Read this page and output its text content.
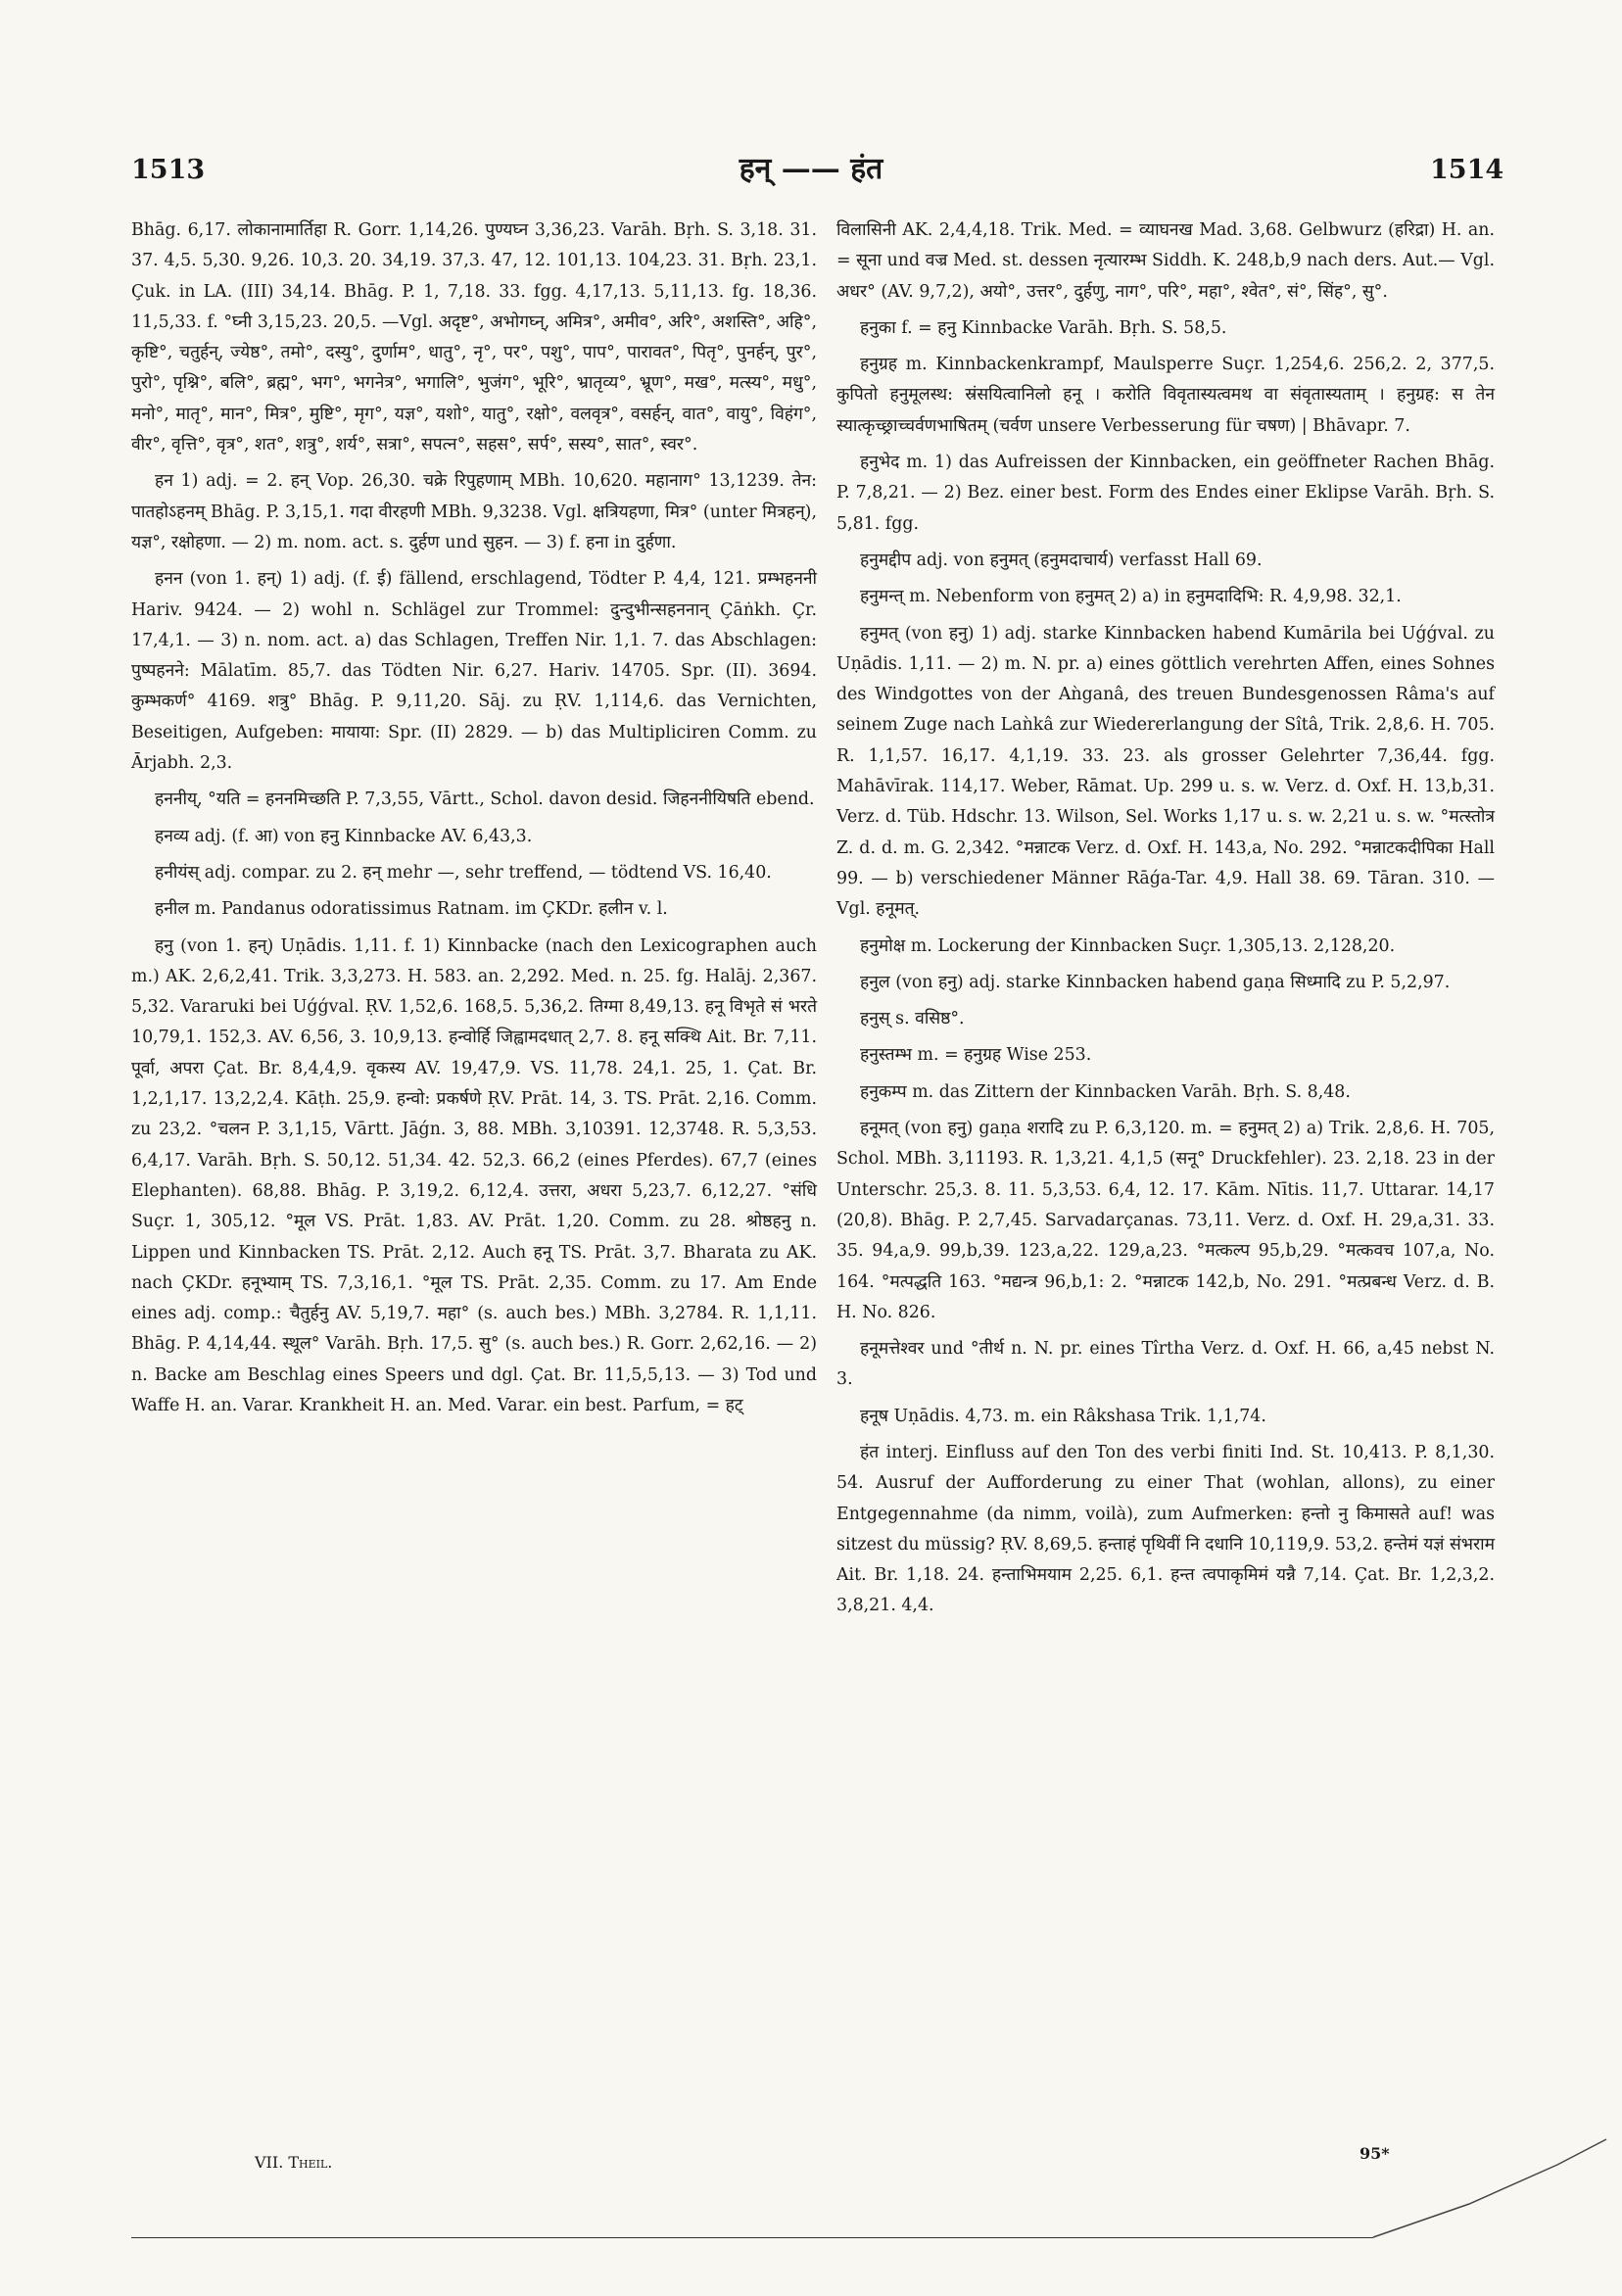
1513	हन् —— हंत	1514

Bhāg. 6,17. लोकानामार्तिहा R. Gorr. 1,14,26. पुण्यघ्न 3,36,23. Varāh. Bṛh. S. 3,18. 31. 37. 4,5. 5,30. 9,26. 10,3. 20. 34,19. 37,3. 47, 12. 101,13. 104,23. 31. Bṛh. 23,1. Çuk. in LA. (III) 34,14. Bhāg. P. 1, 7,18. 33. fgg. 4,17,13. 5,11,13. fg. 18,36. 11,5,33. f. °घ्नी 3,15,23. 20,5. —Vgl. अदृष्ट°, अभोगघ्न्, अमित्र°, अमीव°, अरि°, अशस्ति°, अहि°, कृष्टि°, चतुर्हन्, ज्येष्ठ°, तमो°, दस्यु°, दुर्णाम°, धातु°, नृ°, पर°, पशु°, पाप°, पारावत°, पितृ°, पुनर्हन्, पुर°, पुरो°, पृश्नि°, बलि°, ब्रह्म°, भग°, भगनेत्र°, भगालि°, भुजंग°, भूरि°, भ्रातृव्य°, भ्रूण°, मख°, मत्स्य°, मधु°, मनो°, मातृ°, मान°, मित्र°, मुष्टि°, मृग°, यज्ञ°, यशो°, यातु°, रक्षो°, वलवृत्र°, वसर्हन्, वात°, वायु°, विहंग°, वीर°, वृत्ति°, वृत्र°, शत°, शत्रु°, शर्य°, सत्रा°, सपत्न°, सहस°, सर्प°, सस्य°, सात°, स्वर°.

हन 1) adj. = 2. हन् Vop. 26,30. चक्रे रिपुहणाम् MBh. 10,620. महानाग° 13,1239. तेन: पातहोऽहनम् Bhāg. P. 3,15,1. गदा वीरहणी MBh. 9,3238. Vgl. क्षत्रियहणा, मित्र° (unter मित्रहन्), यज्ञ°, रक्षोहणा. — 2) m. nom. act. s. दुर्हण und सुहन. — 3) f. हना in दुर्हणा.

हनन (von 1. हन्) 1) adj. (f. ई) fällend, erschlagend, Tödter P. 4,4, 121. प्रम्भहननी Hariv. 9424. — 2) wohl n. Schlägel zur Trommel: दुन्दुभीन्सहननान् Çāṅkh. Çr. 17,4,1. — 3) n. nom. act. a) das Schlagen, Treffen Nir. 1,1. 7. das Abschlagen: पुष्पहनने: Mālatīm. 85,7. das Tödten Nir. 6,27. Hariv. 14705. Spr. (II). 3694. कुम्भकर्ण° 4169. शत्रु° Bhāg. P. 9,11,20. Sāj. zu ṚV. 1,114,6. das Vernichten, Beseitigen, Aufgeben: मायाया: Spr. (II) 2829. — b) das Multipliciren Comm. zu Ārjabh. 2,3.

हननीय्, °यति = हननमिच्छति P. 7,3,55, Vārtt., Schol. davon desid. जिहननीयिषति ebend.

हनव्य adj. (f. आ) von हनु Kinnbacke AV. 6,43,3.

हनीयंस् adj. compar. zu 2. हन् mehr —, sehr treffend, — tödtend VS. 16,40.

हनील m. Pandanus odoratissimus Ratnam. im ÇKDr. हलीन v. l.

हनु (von 1. हन्) Uṇādis. 1,11. f. 1) Kinnbacke (nach den Lexicographen auch m.) AK. 2,6,2,41. Trik. 3,3,273. H. 583. an. 2,292. Med. n. 25. fg. Halāj. 2,367. 5,32. Vararuki bei Uǵǵval. ṚV. 1,52,6. 168,5. 5,36,2. तिग्मा 8,49,13. हनू विभृते सं भरते 10,79,1. 152,3. AV. 6,56, 3. 10,9,13. हन्वोर्हि जिह्वामदधात् 2,7. 8. हनू सक्थि Ait. Br. 7,11. पूर्वा, अपरा Çat. Br. 8,4,4,9. वृकस्य AV. 19,47,9. VS. 11,78. 24,1. 25, 1. Çat. Br. 1,2,1,17. 13,2,2,4. Kāṭh. 25,9. हन्वो: प्रकर्षणे ṚV. Prāt. 14, 3. TS. Prāt. 2,16. Comm. zu 23,2. °चलन P. 3,1,15, Vārtt. Jāǵn. 3, 88. MBh. 3,10391. 12,3748. R. 5,3,53. 6,4,17. Varāh. Bṛh. S. 50,12. 51,34. 42. 52,3. 66,2 (eines Pferdes). 67,7 (eines Elephanten). 68,88. Bhāg. P. 3,19,2. 6,12,4. उत्तरा, अधरा 5,23,7. 6,12,27. °संधि Suçr. 1, 305,12. °मूल VS. Prāt. 1,83. AV. Prāt. 1,20. Comm. zu 28. श्रोष्ठहनु n. Lippen und Kinnbacken TS. Prāt. 2,12. Auch हनू TS. Prāt. 3,7. Bharata zu AK. nach ÇKDr. हनूभ्याम् TS. 7,3,16,1. °मूल TS. Prāt. 2,35. Comm. zu 17. Am Ende eines adj. comp.: चैतुर्हनु AV. 5,19,7. महा° (s. auch bes.) MBh. 3,2784. R. 1,1,11. Bhāg. P. 4,14,44. स्थूल° Varāh. Bṛh. 17,5. सु° (s. auch bes.) R. Gorr. 2,62,16. — 2) n. Backe am Beschlag eines Speers und dgl. Çat. Br. 11,5,5,13. — 3) Tod und Waffe H. an. Varar. Krankheit H. an. Med. Varar. ein best. Parfum, = हट्

विलासिनी AK. 2,4,4,18. Trik. Med. = व्याघनख Mad. 3,68. Gelbwurz (हरिद्रा) H. an. = सूना und वज्र Med. st. dessen नृत्यारम्भ Siddh. K. 248,b,9 nach ders. Aut.— Vgl. अधर° (AV. 9,7,2), अयो°, उत्तर°, दुर्हणु, नाग°, परि°, महा°, श्वेत°, सं°, सिंह°, सु°.

हनुका f. = हनु Kinnbacke Varāh. Bṛh. S. 58,5.

हनुग्रह m. Kinnbackenkrampf, Maulsperre Suçr. 1,254,6. 256,2. 2, 377,5. कुपितो हनुमूलस्थ: स्रंसयित्वानिलो हनू । करोति विवृतास्यत्वमथ वा संवृतास्यताम् । हनुग्रह: स तेन स्यात्कृच्छ्राच्चर्वणभाषितम् (चर्वण unsere Verbesserung für चषण) | Bhāvapr. 7.

हनुभेद m. 1) das Aufreissen der Kinnbacken, ein geöffneter Rachen Bhāg. P. 7,8,21. — 2) Bez. einer best. Form des Endes einer Eklipse Varāh. Bṛh. S. 5,81. fgg.

हनुमद्दीप adj. von हनुमत् (हनुमदाचार्य) verfasst Hall 69.

हनुमन्त् m. Nebenform von हनुमत् 2) a) in हनुमदादिभि: R. 4,9,98. 32,1.

हनुमत् (von हनु) 1) adj. starke Kinnbacken habend Kumārila bei Uǵǵval. zu Uṇādis. 1,11. — 2) m. N. pr. a) eines göttlich verehrten Affen, eines Sohnes des Windgottes von der Aǹganâ, des treuen Bundesgenossen Râma's auf seinem Zuge nach Laǹkâ zur Wiedererlangung der Sîtâ, Trik. 2,8,6. H. 705. R. 1,1,57. 16,17. 4,1,19. 33. 23. als grosser Gelehrter 7,36,44. fgg. Mahāvīrak. 114,17. Weber, Rāmat. Up. 299 u. s. w. Verz. d. Oxf. H. 13,b,31. Verz. d. Tüb. Hdschr. 13. Wilson, Sel. Works 1,17 u. s. w. 2,21 u. s. w. °मत्स्तोत्र Z. d. d. m. G. 2,342. °मन्नाटक Verz. d. Oxf. H. 143,a, No. 292. °मन्नाटकदीपिका Hall 99. — b) verschiedener Männer Rāǵa-Tar. 4,9. Hall 38. 69. Tāran. 310. — Vgl. हनूमत्.

हनुमोक्ष m. Lockerung der Kinnbacken Suçr. 1,305,13. 2,128,20.

हनुल (von हनु) adj. starke Kinnbacken habend gaṇa सिध्मादि zu P. 5,2,97.

हनुस् s. वसिष्ठ°.

हनुस्तम्भ m. = हनुग्रह Wise 253.

हनुकम्प m. das Zittern der Kinnbacken Varāh. Bṛh. S. 8,48.

हनूमत् (von हनु) gaṇa शरादि zu P. 6,3,120. m. = हनुमत् 2) a) Trik. 2,8,6. H. 705, Schol. MBh. 3,11193. R. 1,3,21. 4,1,5 (सनू° Druckfehler). 23. 2,18. 23 in der Unterschr. 25,3. 8. 11. 5,3,53. 6,4, 12. 17. Kām. Nītis. 11,7. Uttarar. 14,17 (20,8). Bhāg. P. 2,7,45. Sarvadarçanas. 73,11. Verz. d. Oxf. H. 29,a,31. 33. 35. 94,a,9. 99,b,39. 123,a,22. 129,a,23. °मत्कल्प 95,b,29. °मत्कवच 107,a, No. 164. °मत्पद्धति 163. °मद्यन्त्र 96,b,1: 2. °मन्नाटक 142,b, No. 291. °मत्प्रबन्ध Verz. d. B. H. No. 826.

हनूमत्तेश्वर und °तीर्थ n. N. pr. eines Tîrtha Verz. d. Oxf. H. 66, a,45 nebst N. 3.

हनूष Uṇādis. 4,73. m. ein Râkshasa Trik. 1,1,74.

हंत interj. Einfluss auf den Ton des verbi finiti Ind. St. 10,413. P. 8,1,30. 54. Ausruf der Aufforderung zu einer That (wohlan, allons), zu einer Entgegennahme (da nimm, voilà), zum Aufmerken: हन्तो नु किमासते auf! was sitzest du müssig? ṚV. 8,69,5. हन्ताहं पृथिवीं नि दधानि 10,119,9. 53,2. हन्तेमं यज्ञं संभराम Ait. Br. 1,18. 24. हन्ताभिमयाम 2,25. 6,1. हन्त त्वपाकृमिमं यन्नै 7,14. Çat. Br. 1,2,3,2. 3,8,21. 4,4.

VII. Theil.	95*
